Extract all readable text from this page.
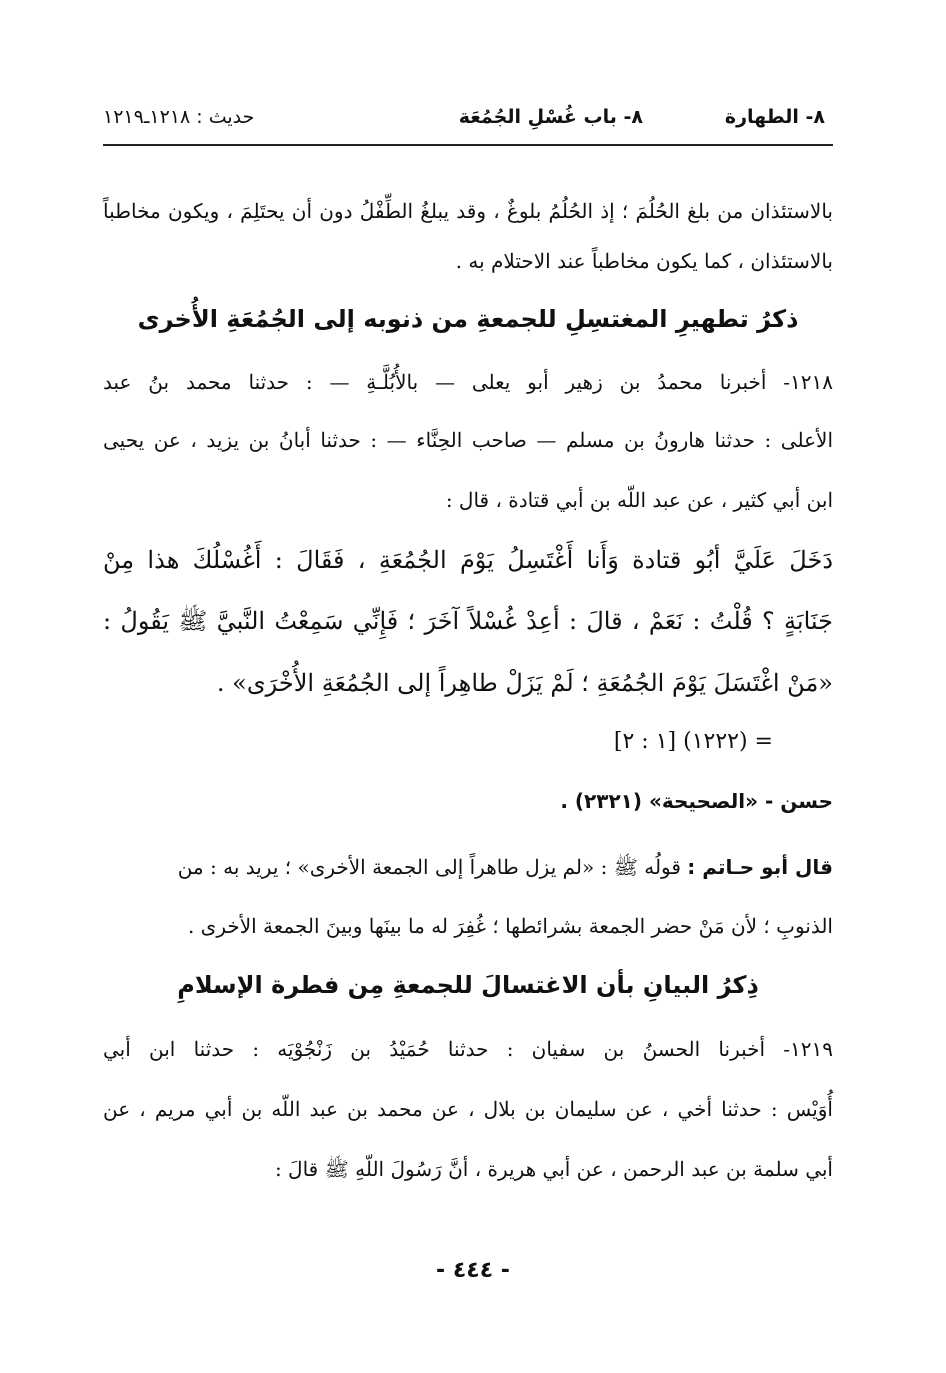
٨- الطهارة
٨- باب غُسْلِ الجُمُعَة
حديث : ١٢١٨ـ١٢١٩
بالاستئذان من بلغ الحُلُمَ ؛ إذ الحُلُمُ بلوغٌ ، وقد يبلغُ الطِّفْلُ دون أن يحتَلِمَ ، ويكون مخاطباً
بالاستئذان ، كما يكون مخاطباً عند الاحتلام به .
ذكرُ تطهيرِ المغتسِلِ للجمعةِ من ذنوبه إلى الجُمُعَةِ الأُخرى
١٢١٨- أخبرنا محمدُ بن زهير أبو يعلى — بالأُبُلَّـةِ — : حدثنا محمد بنُ عبد
الأعلى : حدثنا هارونُ بن مسلم — صاحب الحِنَّاء — : حدثنا أبانُ بن يزيد ، عن يحيى
ابن أبي كثير ، عن عبد اللّه بن أبي قتادة ، قال :
دَخَلَ عَلَيَّ أبُو قتادة وَأَنا أَغْتَسِلُ يَوْمَ الجُمُعَةِ ، فَقَالَ : أَغُسْلُكَ هذا مِنْ
جَنَابَةٍ ؟ قُلْتُ : نَعَمْ ، قالَ : أعِدْ غُسْلاً آخَرَ ؛ فَإِنِّي سَمِعْتُ النَّبيَّ ﷺ يَقُولُ :
«مَنْ اغْتَسَلَ يَوْمَ الجُمُعَةِ ؛ لَمْ يَزَلْ طاهِراً إلى الجُمُعَةِ الأُخْرَى» .
= (١٢٢٢) [١ : ٢]
حسن - «الصحيحة» (٢٣٢١) .
قال أبو حـاتم : قولُه ﷺ : «لم يزل طاهراً إلى الجمعة الأخرى» ؛ يريد به : من
الذنوبِ ؛ لأن مَنْ حضر الجمعة بشرائطها ؛ غُفِرَ له ما بينَها وبينَ الجمعة الأخرى .
ذِكرُ البيانِ بأن الاغتسالَ للجمعةِ مِن فطرة الإسلامِ
١٢١٩- أخبرنا الحسنُ بن سفيان : حدثنا حُمَيْدُ بن زَنْجُوْيَه : حدثنا ابن أبي
أُوَيْس : حدثنا أخي ، عن سليمان بن بلال ، عن محمد بن عبد اللّه بن أبي مريم ، عن
أبي سلمة بن عبد الرحمن ، عن أبي هريرة ، أنَّ رَسُولَ اللّهِ ﷺ قالَ :
- ٤٤٤ -
